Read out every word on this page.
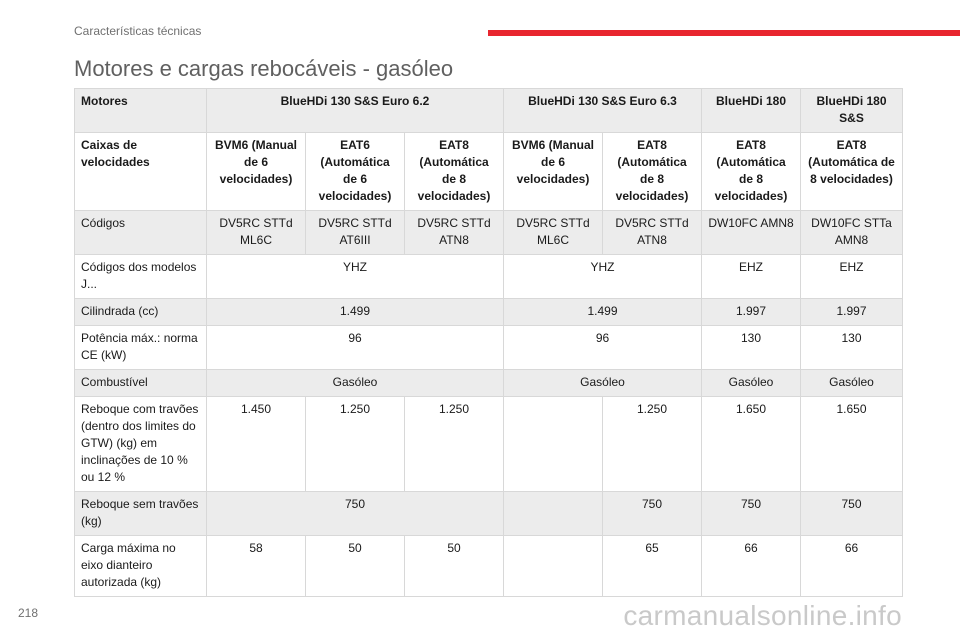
Características técnicas
Motores e cargas rebocáveis - gasóleo
Motores	BlueHDi 130 S&S Euro 6.2			BlueHDi 130 S&S Euro 6.3		BlueHDi 180	BlueHDi 180 S&S
Caixas de velocidades	BVM6 (Manual de 6 velocidades)	EAT6 (Automática de 6 velocidades)	EAT8 (Automática de 8 velocidades)	BVM6 (Manual de 6 velocidades)	EAT8 (Automática de 8 velocidades)	EAT8 (Automática de 8 velocidades)	EAT8 (Automática de 8 velocidades)
Códigos	DV5RC STTd ML6C	DV5RC STTd AT6III	DV5RC STTd ATN8	DV5RC STTd ML6C	DV5RC STTd ATN8	DW10FC AMN8	DW10FC STTa AMN8
Códigos dos modelos J...	YHZ			YHZ		EHZ	EHZ
Cilindrada (cc)	1.499			1.499		1.997	1.997
Potência máx.: norma CE (kW)	96			96		130	130
Combustível	Gasóleo			Gasóleo		Gasóleo	Gasóleo
Reboque com travões (dentro dos limites do GTW) (kg) em inclinações de 10 % ou 12 %	1.450	1.250	1.250		1.250	1.650	1.650
Reboque sem travões (kg)	750				750	750	750
Carga máxima no eixo dianteiro autorizada (kg)	58	50	50		65	66	66
218	carmanualsonline.info
